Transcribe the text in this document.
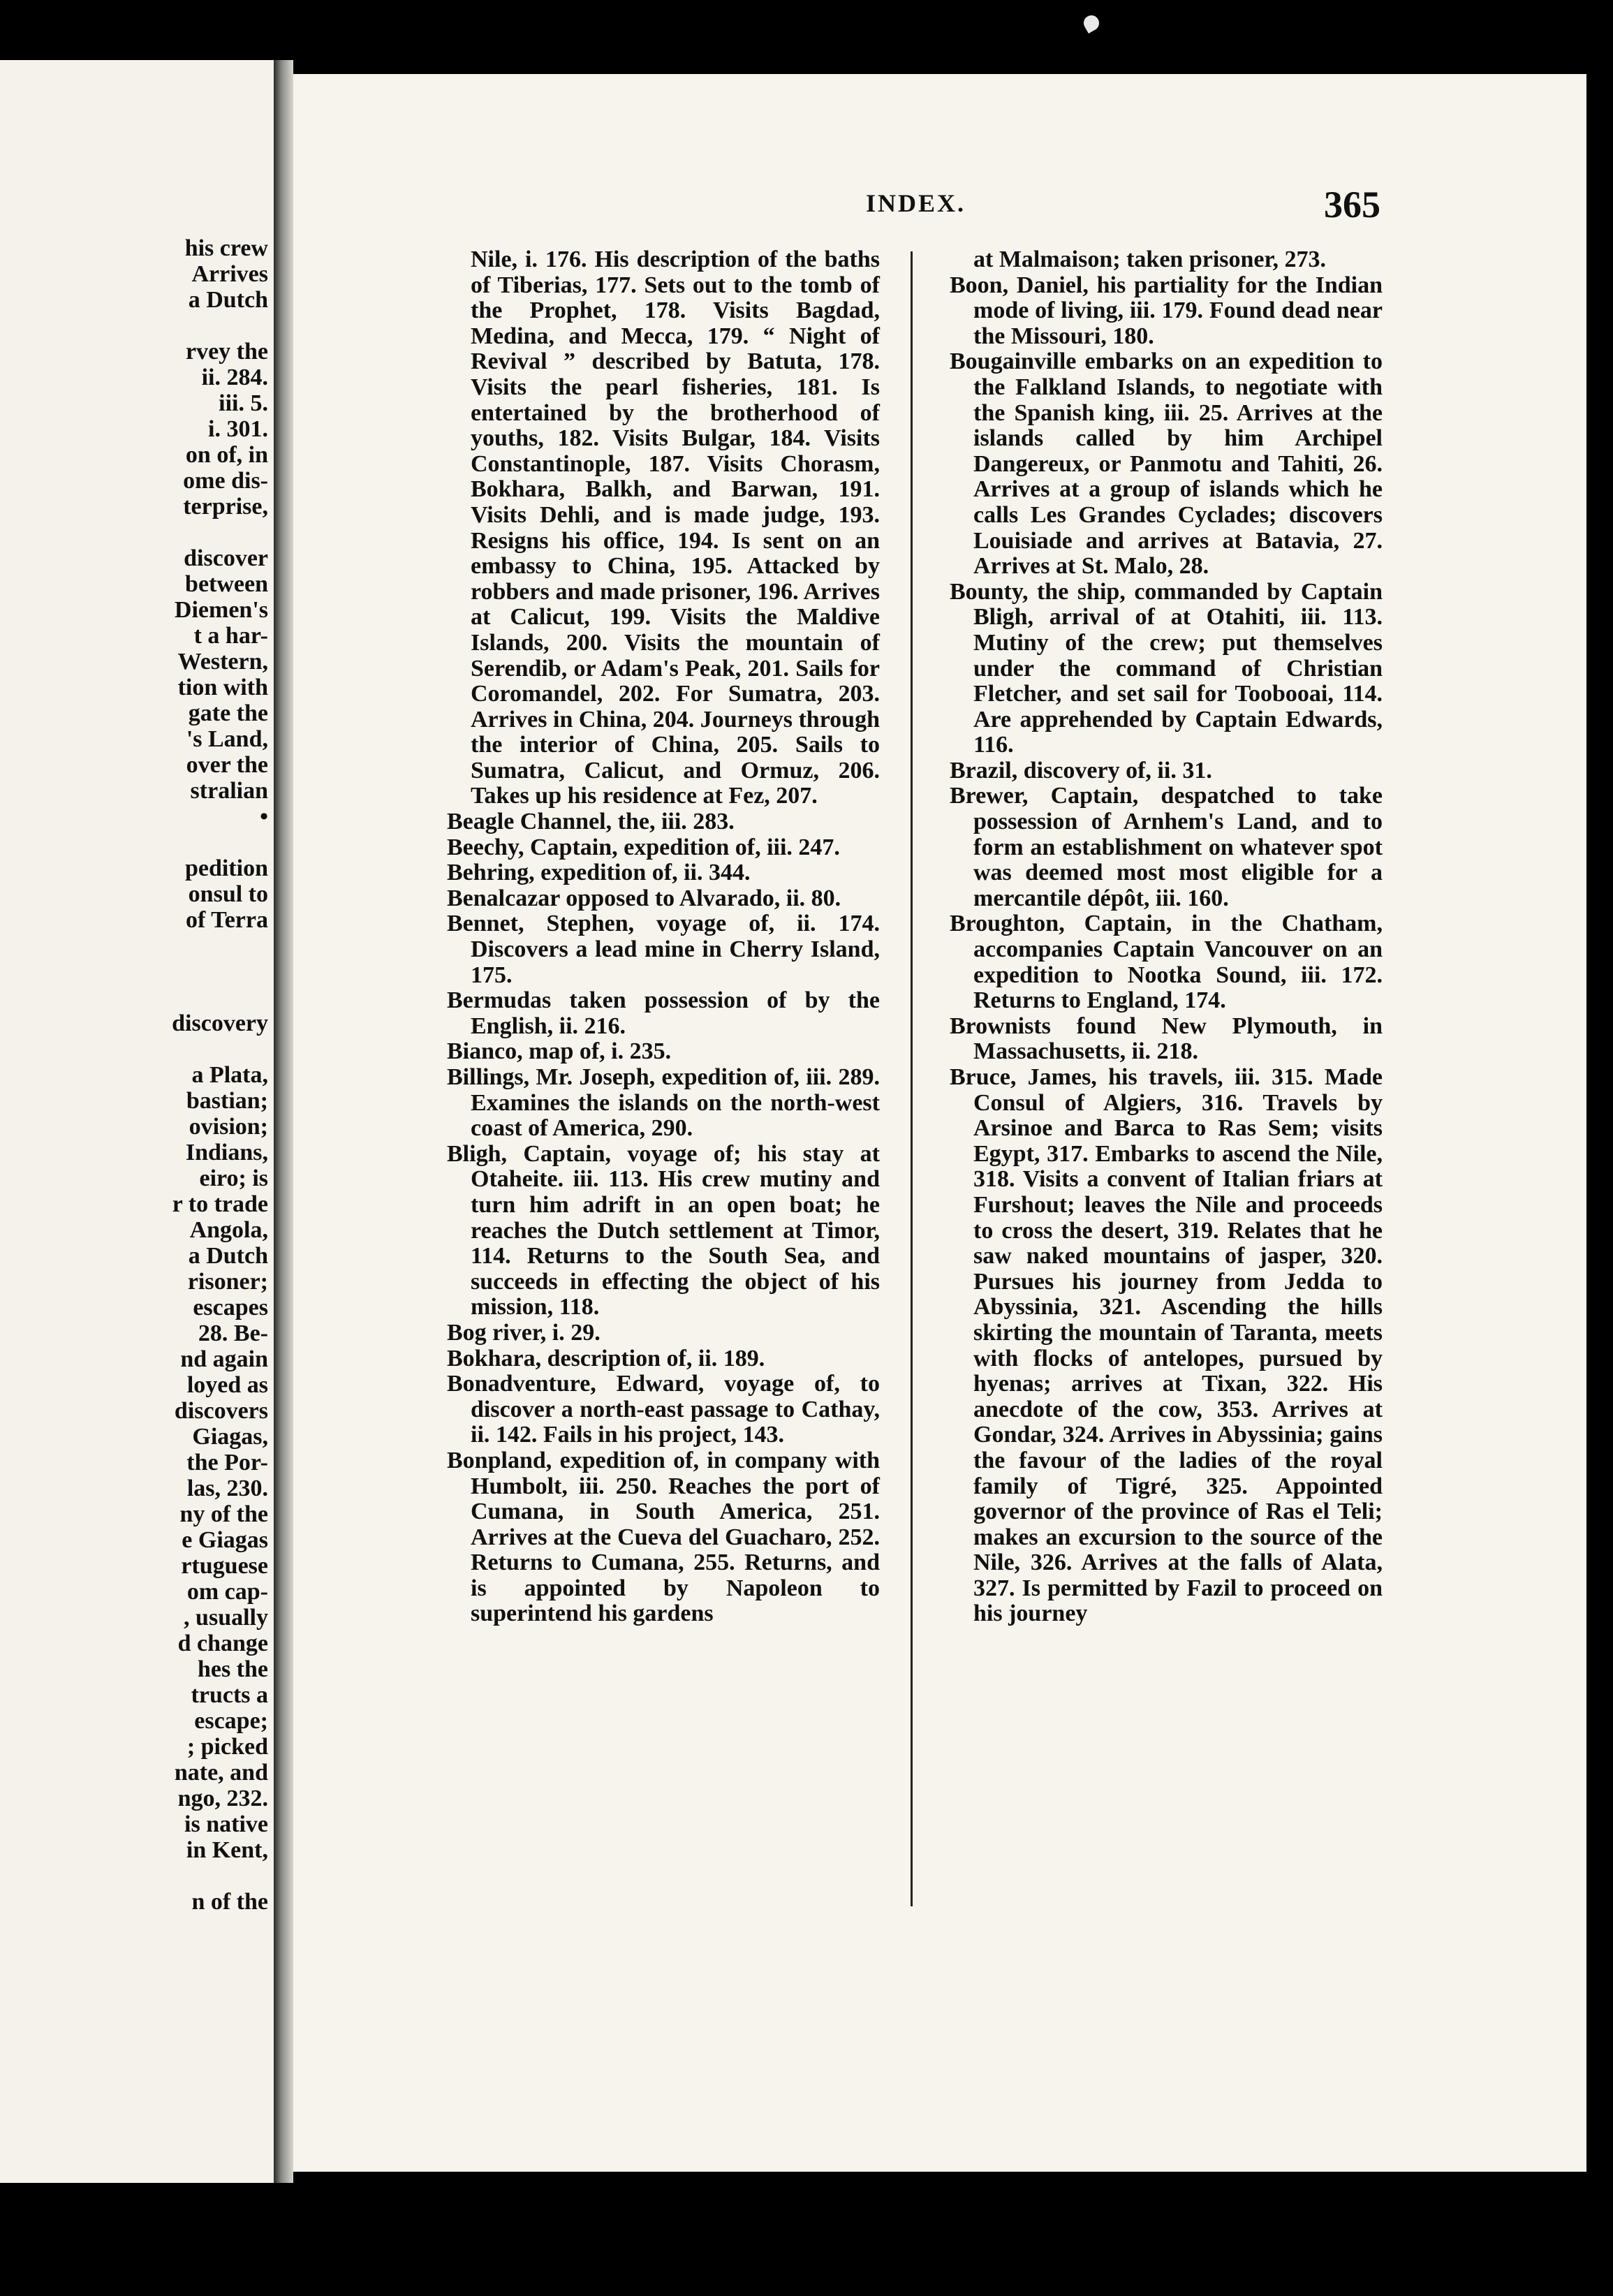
his crew
Arrives
a Dutch
rvey the
ii. 284.
iii. 5.
i. 301.
on of, in
ome dis-
terprise,
discover
between
Diemen's
t a har-
Western,
tion with
gate the
's Land,
over the
stralian
•
pedition
onsul to
of Terra
discovery
a Plata,
bastian;
ovision;
Indians,
eiro; is
r to trade
Angola,
a Dutch
risoner;
escapes
28. Be-
nd again
loyed as
discovers
Giagas,
the Por-
las, 230.
ny of the
e Giagas
rtuguese
om cap-
, usually
d change
hes the
tructs a
escape;
; picked
nate, and
ngo, 232.
is native
in Kent,
n of the
INDEX.	365
Nile, i. 176. His description of the baths of Tiberias, 177. Sets out to the tomb of the Prophet, 178. Visits Bagdad, Medina, and Mecca, 179. “ Night of Revival ” described by Batuta, 178. Visits the pearl fisheries, 181. Is entertained by the brotherhood of youths, 182. Visits Bulgar, 184. Visits Constantinople, 187. Visits Chorasm, Bokhara, Balkh, and Barwan, 191. Visits Dehli, and is made judge, 193. Resigns his office, 194. Is sent on an embassy to China, 195. Attacked by robbers and made prisoner, 196. Arrives at Calicut, 199. Visits the Maldive Islands, 200. Visits the mountain of Serendib, or Adam's Peak, 201. Sails for Coromandel, 202. For Sumatra, 203. Arrives in China, 204. Journeys through the interior of China, 205. Sails to Sumatra, Calicut, and Ormuz, 206. Takes up his residence at Fez, 207.
Beagle Channel, the, iii. 283.
Beechy, Captain, expedition of, iii. 247.
Behring, expedition of, ii. 344.
Benalcazar opposed to Alvarado, ii. 80.
Bennet, Stephen, voyage of, ii. 174. Discovers a lead mine in Cherry Island, 175.
Bermudas taken possession of by the English, ii. 216.
Bianco, map of, i. 235.
Billings, Mr. Joseph, expedition of, iii. 289. Examines the islands on the north-west coast of America, 290.
Bligh, Captain, voyage of; his stay at Otaheite. iii. 113. His crew mutiny and turn him adrift in an open boat; he reaches the Dutch settlement at Timor, 114. Returns to the South Sea, and succeeds in effecting the object of his mission, 118.
Bog river, i. 29.
Bokhara, description of, ii. 189.
Bonadventure, Edward, voyage of, to discover a north-east passage to Cathay, ii. 142. Fails in his project, 143.
Bonpland, expedition of, in company with Humbolt, iii. 250. Reaches the port of Cumana, in South America, 251. Arrives at the Cueva del Guacharo, 252. Returns to Cumana, 255. Returns, and is appointed by Napoleon to superintend his gardens
at Malmaison; taken prisoner, 273.
Boon, Daniel, his partiality for the Indian mode of living, iii. 179. Found dead near the Missouri, 180.
Bougainville embarks on an expedition to the Falkland Islands, to negotiate with the Spanish king, iii. 25. Arrives at the islands called by him Archipel Dangereux, or Panmotu and Tahiti, 26. Arrives at a group of islands which he calls Les Grandes Cyclades; discovers Louisiade and arrives at Batavia, 27. Arrives at St. Malo, 28.
Bounty, the ship, commanded by Captain Bligh, arrival of at Otahiti, iii. 113. Mutiny of the crew; put themselves under the command of Christian Fletcher, and set sail for Toobooai, 114. Are apprehended by Captain Edwards, 116.
Brazil, discovery of, ii. 31.
Brewer, Captain, despatched to take possession of Arnhem's Land, and to form an establishment on whatever spot was deemed most most eligible for a mercantile dépôt, iii. 160.
Broughton, Captain, in the Chatham, accompanies Captain Vancouver on an expedition to Nootka Sound, iii. 172. Returns to England, 174.
Brownists found New Plymouth, in Massachusetts, ii. 218.
Bruce, James, his travels, iii. 315. Made Consul of Algiers, 316. Travels by Arsinoe and Barca to Ras Sem; visits Egypt, 317. Embarks to ascend the Nile, 318. Visits a convent of Italian friars at Furshout; leaves the Nile and proceeds to cross the desert, 319. Relates that he saw naked mountains of jasper, 320. Pursues his journey from Jedda to Abyssinia, 321. Ascending the hills skirting the mountain of Taranta, meets with flocks of antelopes, pursued by hyenas; arrives at Tixan, 322. His anecdote of the cow, 353. Arrives at Gondar, 324. Arrives in Abyssinia; gains the favour of the ladies of the royal family of Tigré, 325. Appointed governor of the province of Ras el Teli; makes an excursion to the source of the Nile, 326. Arrives at the falls of Alata, 327. Is permitted by Fazil to proceed on his journey
